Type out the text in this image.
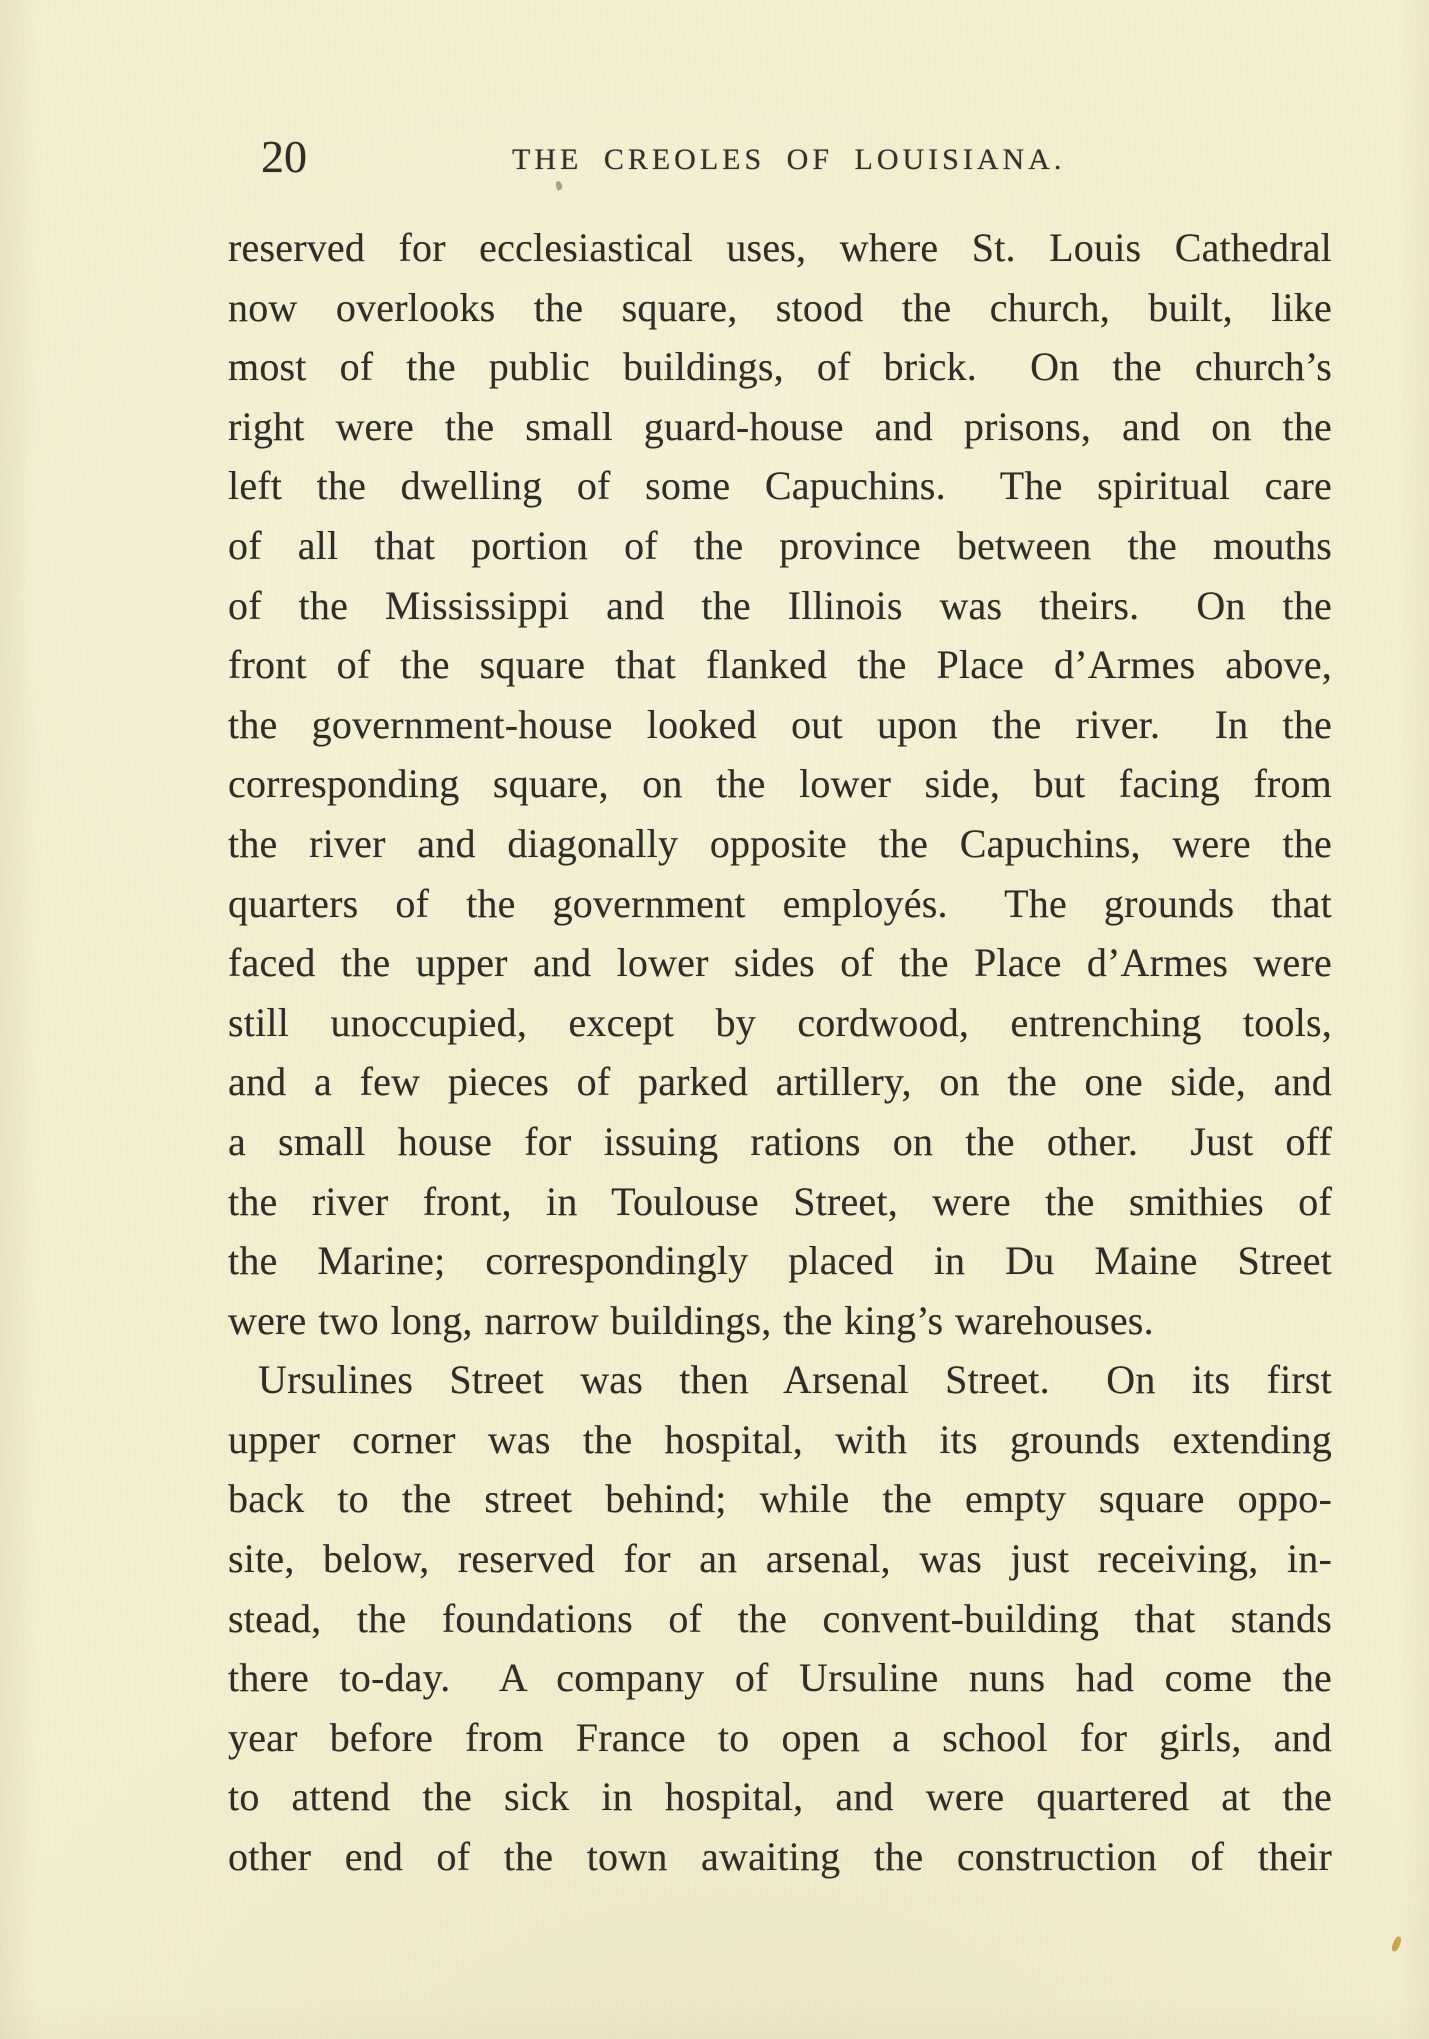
20	THE CREOLES OF LOUISIANA.
reserved for ecclesiastical uses, where St. Louis Cathedral
now overlooks the square, stood the church, built, like
most of the public buildings, of brick.  On the church’s
right were the small guard-house and prisons, and on the
left the dwelling of some Capuchins.  The spiritual care
of all that portion of the province between the mouths
of the Mississippi and the Illinois was theirs.  On the
front of the square that flanked the Place d’Armes above,
the government-house looked out upon the river.  In the
corresponding square, on the lower side, but facing from
the river and diagonally opposite the Capuchins, were the
quarters of the government employés.  The grounds that
faced the upper and lower sides of the Place d’Armes were
still unoccupied, except by cordwood, entrenching tools,
and a few pieces of parked artillery, on the one side, and
a small house for issuing rations on the other.  Just off
the river front, in Toulouse Street, were the smithies of
the Marine; correspondingly placed in Du Maine Street
were two long, narrow buildings, the king’s warehouses.
Ursulines Street was then Arsenal Street.  On its first
upper corner was the hospital, with its grounds extending
back to the street behind; while the empty square oppo-
site, below, reserved for an arsenal, was just receiving, in-
stead, the foundations of the convent-building that stands
there to-day.  A company of Ursuline nuns had come the
year before from France to open a school for girls, and
to attend the sick in hospital, and were quartered at the
other end of the town awaiting the construction of their
